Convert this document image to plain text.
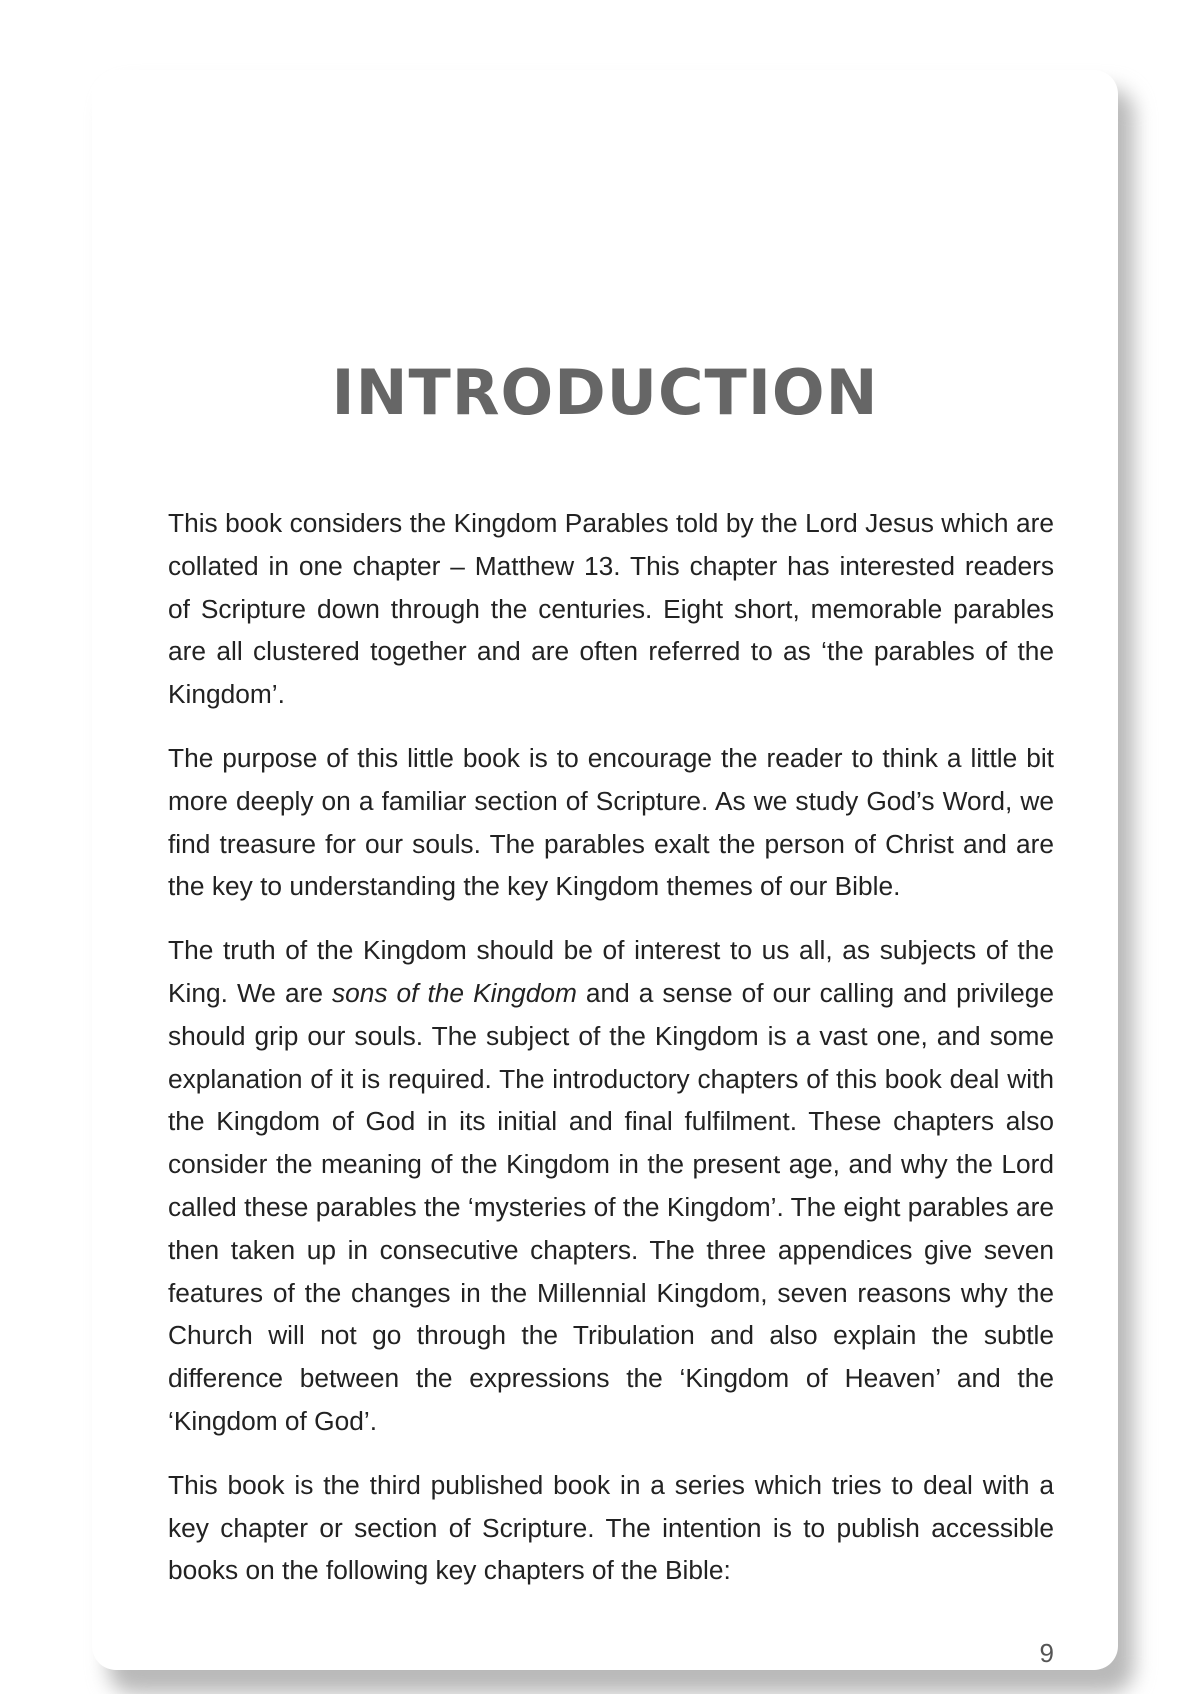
INTRODUCTION

This book considers the Kingdom Parables told by the Lord Jesus which are collated in one chapter – Matthew 13. This chapter has interested readers of Scripture down through the centuries. Eight short, memorable parables are all clustered together and are often referred to as ‘the parables of the Kingdom’.

The purpose of this little book is to encourage the reader to think a little bit more deeply on a familiar section of Scripture. As we study God’s Word, we find treasure for our souls. The parables exalt the person of Christ and are the key to understanding the key Kingdom themes of our Bible.

The truth of the Kingdom should be of interest to us all, as subjects of the King. We are sons of the Kingdom and a sense of our calling and privilege should grip our souls. The subject of the Kingdom is a vast one, and some explanation of it is required. The introductory chapters of this book deal with the Kingdom of God in its initial and final fulfilment. These chapters also consider the meaning of the Kingdom in the present age, and why the Lord called these parables the ‘mysteries of the Kingdom’. The eight parables are then taken up in consecutive chapters. The three appendices give seven features of the changes in the Millennial Kingdom, seven reasons why the Church will not go through the Tribulation and also explain the subtle difference between the expressions the ‘Kingdom of Heaven’ and the ‘Kingdom of God’.

This book is the third published book in a series which tries to deal with a key chapter or section of Scripture. The intention is to publish accessible books on the following key chapters of the Bible:

9
